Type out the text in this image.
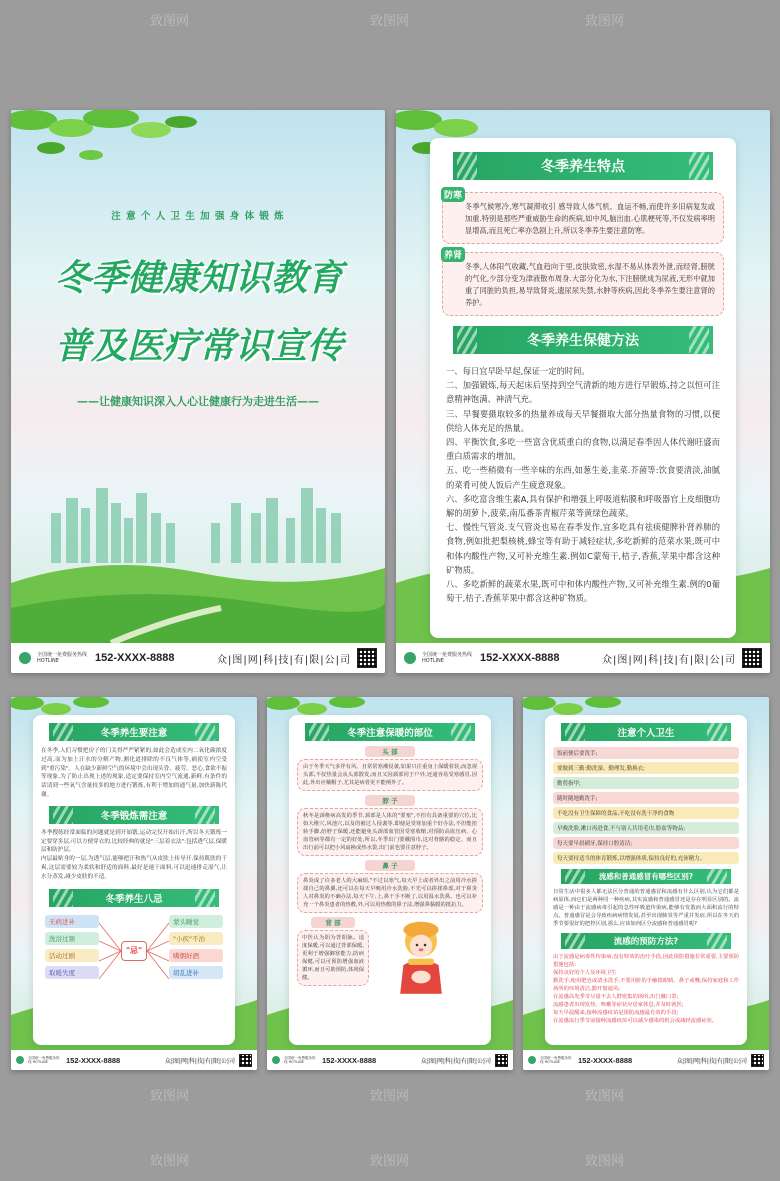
致图网	致图网	致图网
致图网	致图网	致图网
致图网	致图网	致图网
注 意 个 人 卫 生 加 强 身 体 锻 炼
冬季健康知识教育
普及医疗常识宣传
——让健康知识深入人心让健康行为走进生活——
全国统一免费服务热线 HOTLINE	152-XXXX-8888	众|图|网|科|技|有|限|公|司
冬季养生特点
防寒
冬季气候寒冷,寒气凝滞收引 感导致人体气机、血运不畅,而使许多旧病复发或加重.特别是那些严重威胁生命的疾病,如中风,脑出血.心肌梗死等,不仅发病率明显增高,而且死亡率亦急剧上升,所以冬季养生要注意防寒。
养肾
冬季,人体阳气收藏,气血趋向于里,皮肤致密,水湿不易从体表外泄,而经肾,膀胱的气化,少部分变为津液散布周身.大部分化为水,下注膀胱成为尿液,无形中就加重了同脏的负担,易导致肾炎,遗尿尿失禁,水肿等疾病,因此冬季养生要注意肾的养护。
冬季养生保健方法
一、每日宜早卧早起,保证一定的时间。
二、加强锻炼,每天起床后坚持到空气清新的地方进行早锻炼,持之以恒可注意精神饱满、神清气充。
三、早餐要摄取较多的热量养成每天早餐摄取大部分热量食物的习惯,以便供给人体充足的热量。
四、平衡饮食,多吃一些富含优质重白的食物,以满足春季因人体代谢旺盛而重白质需求的增加。
五、吃一些稍微有一些辛味的东西,如葱生姜,韭菜.芥菌等:饮食要清淡,油腻的菜肴可使人饭后产生疲意现象。
六、多吃富含维生素A,具有保护和增强上呼吸道粘膜和呼吸器官上皮细胞功解的胡萝卜,菠菜,南瓜番茶青椒芹菜等黄绿色蔬菜。
七、慢性气管炎.支气管炎也易在春季发作,宜多吃具有祛痰健脾补肾养肺的食物,例如批把梨核桃,蜂宝等有助于减轻症状,多吃新鲜的范菜水果,既可中和体内酸性产物,又可补充维生素.例如C蒙萄干,桔子,香蕉,苹果中都含这种矿物质。
八、多吃新鲜的蔬菜水果,既可中和体内酸性产物,又可补充维生素.例的0葡萄干,桔子,香蕉苹果中都含这种矿物质。
全国统一免费服务热线 HOTLINE	152-XXXX-8888	众|图|网|科|技|有|限|公|司
冬季养生要注意
在冬季,人们习惯把房子的门关得严严紧紧的,如此会造成室内二氧化碳浓度过高,而为加上汗水的分解产物,测化道排除的不良气体等,祸使室内空受到"重污染"。人在缺少新鲜空气的环境中会出现头昏、疲劳、恶心,食欲不振等现象,为了防止出现上述的现象,适定要保持室内空气流通,新鲜,有条件的话请到一些氧气含量较多的地方进行锻炼,有利于增加的通气量,加快新陈代谢。
冬季锻炼需注意
冬季搜练经常面临的问题就是到开始锻,运动完仅开始出汗,所以冬天锻炼一定要穿多层,可以方便穿衣的,比较经典的就是"三层着衣法":包括透气层,保暖层和防护层。
内层最贴身的一层,为透气层,能够把汗和热气从皮肤上传导开,保持肌肤的干爽,这层需要较为柔软和舒适的面料,最好是速干面料,可以迅速排走湿气,让水分蒸发,减少皮肤的不适。
冬季养生八忌
"忌"
无病进补
洗浴过频
活动过剧
取暖失度
蒙头睡觉
"小疾"不治
嗜烟好酒
胡乱进补
全国统一免费服务热线 HOTLINE	152-XXXX-8888	众|图|网|科|技|有|限|公|司
冬季注意保暖的部位
头 部
由于冬季天气多伴有风、且常常寒潮侵袭,如果只注重身上保暖着装,而忽视头部,不仅热量会从头部散发,而且又因颈部同于户外,还通容易受寒感冒,因此,外出应戴帽子,尤其是病者更不能例外了。
脖 子
秋冬是颈椎病高发的季节,颈部是人体的"要塞",不但有具备重要的穴位,比如大椎穴,风池穴,以及的被过人侵袭等,即使是受寒加重个好办法,不但能扭转手脚,给脖子保暖,还能避免头颈部血管因受寒收缩,对预防高血压病、心血管病等都有一定的好处,所以,冬季出门要戴围巾,这对骨骼的稳定、而且出行前可以把小风扇换成热水袋,出门前也要注意脖子。
鼻 子
鼻炎成了许多老人的大麻烦,"不过以寒气,每天早上或者外出之前用冷水搓揉自己的鼻翼,还可以在每天早晚用冷水洗脸,不光可以搓揉鼻部,对于鼻炎人对鼻炎的不确办法,每天下午,上,鼻干手不断了,以用温水洗鼻。也可以补充一个鼻炎患者的热敷,外,可以用热敷的鼻子法,增强鼻黏膜的抵抗力。
背 部
中医认为阳为背阳脉。适度保暖,可以通过背部保暖,更利于增强御寒能力,防病保健,可以可预防增强血液循环,而且可助预防,体现保健。
全国统一免费服务热线 HOTLINE	152-XXXX-8888	众|图|网|科|技|有|限|公|司
注意个人卫生
饭前便后要洗手;
要做到三勤:勤洗澡、勤理发,勤换衣;
勤剪指甲;
随时随地勤洗手;
不吃没有卫生保障的食品,不吃没有洗干净的食物
早晚洗脸,漱口再进食,不与别人共用毛巾,脸盆等物品;
每天要早晨刷牙,保持口腔清洁;
每天要持适当的体育锻炼,以增强体质,保持良好的,充沛精力。
流感和普通感冒有哪些区别?
日常生活中很多人都无法区分普通的普通感冒和流感有什么区别,认为它们都是病原体,而它们是两种同一种疾病,其实流感和普通感冒还是存在明显区别的。流感是一种由于流感病毒引起的急性呼吸道传染病,能够有发散而大面积流行的特点。普通感冒是会导致疾病病情发展,甚至出现肺炎等严重并发症,所以在冬天的季节要很好的把控区别,那么,应该如何区分流感和普通感冒呢?
流感的预防方法?
由于流感是病毒性传染病,没有特效的治疗手段,因此预防措施非常重要,主要预防措施包括:
保持良好的个人及环境卫生
勤洗手,使用肥皂或清水洗手,不要用脏的手触摸眼睛、鼻子或嘴;保持家庭和工作场所的环境清洁,勤开窗通风;
在流感高发季节尽量不去人群密集的场所,出门戴口罩;
流感患者出现发热、咳嗽等症状应居家休息,并及时就医;
每天早晨醒来,接种流感疫苗是预防流感最有效的手段;
在流感流行季节前接种流感疫苗可以减少感染的机会或减轻流感症状。
全国统一免费服务热线 HOTLINE	152-XXXX-8888	众|图|网|科|技|有|限|公|司
